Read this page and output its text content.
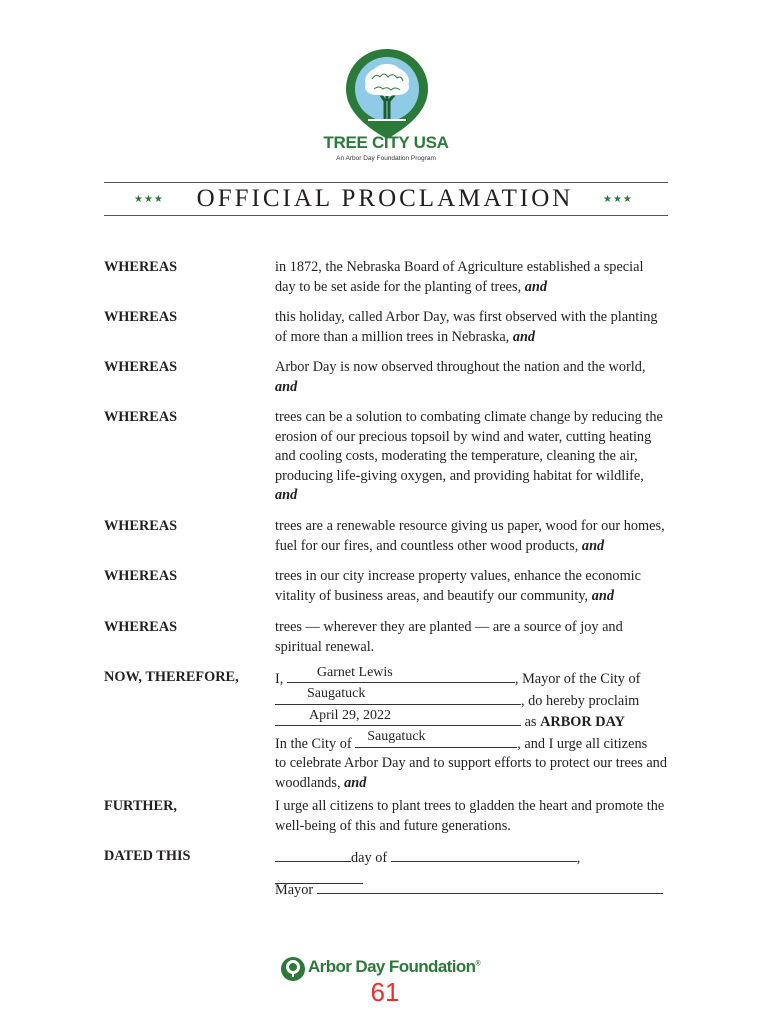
TREE CITY USA
An Arbor Day Foundation Program
★★★ OFFICIAL PROCLAMATION	★★★
WHEREAS	in 1872, the Nebraska Board of Agriculture established a special day to be set aside for the planting of trees, and
WHEREAS	this holiday, called Arbor Day, was first observed with the planting of more than a million trees in Nebraska, and
WHEREAS	Arbor Day is now observed throughout the nation and the world, and
WHEREAS	trees can be a solution to combating climate change by reducing the erosion of our precious topsoil by wind and water, cutting heating and cooling costs, moderating the temperature, cleaning the air, producing life-giving oxygen, and providing habitat for wildlife, and
WHEREAS	trees are a renewable resource giving us paper, wood for our homes, fuel for our fires, and countless other wood products, and
WHEREAS	trees in our city increase property values, enhance the economic vitality of business areas, and beautify our community, and
WHEREAS	trees — wherever they are planted — are a source of joy and spiritual renewal.
NOW, THEREFORE,	I, Garnet Lewis	, Mayor of the City of
Saugatuck	, do hereby proclaim
April 29, 2022	as ARBOR DAY
In the City of Saugatuck	, and I urge all citizens
to celebrate Arbor Day and to support efforts to protect our trees and woodlands, and
FURTHER,	I urge all citizens to plant trees to gladden the heart and promote the well-being of this and future generations.
DATED THIS	day of	,
Mayor
Arbor Day Foundation®
61
